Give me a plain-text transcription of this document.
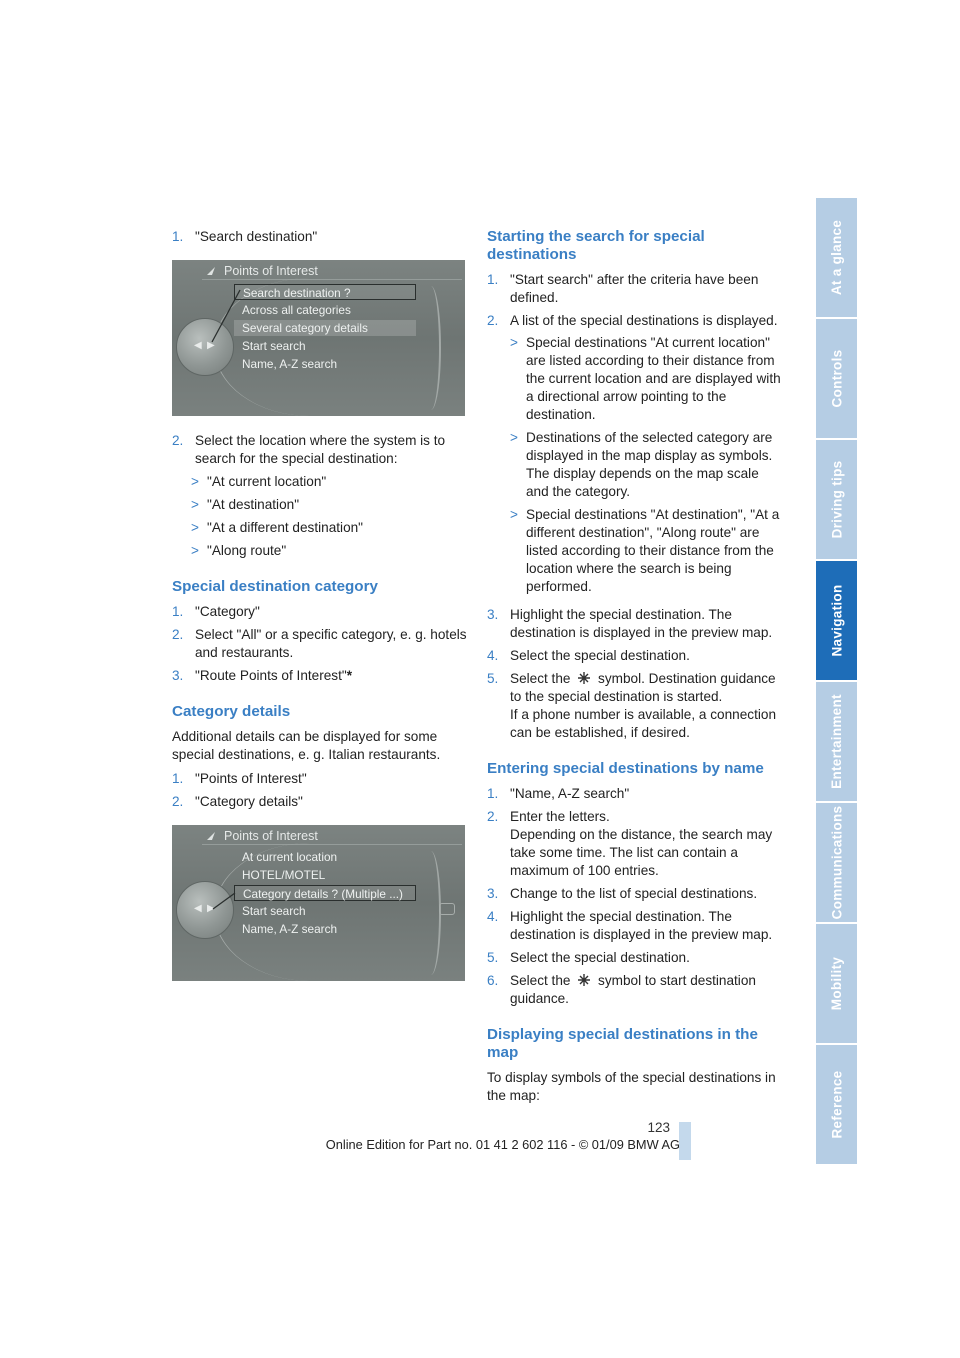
1. "Search destination"
Points of Interest
Search destination ?
Across all categories
Several category details
Start search
Name, A-Z search
◀ ▶
2. Select the location where the system is to search for the special destination:
> "At current location"
> "At destination"
> "At a different destination"
> "Along route"
Special destination category
1. "Category"
2. Select "All" or a specific category, e. g. hotels and restaurants.
3. "Route Points of Interest"*
Category details

Additional details can be displayed for some special destinations, e. g. Italian restaurants.

1. "Points of Interest"
2. "Category details"
Points of Interest
At current location
HOTEL/MOTEL
Category details ? (Multiple ...)
Start search
Name, A-Z search
◀ ▶
Starting the search for special destinations
1. "Start search" after the criteria have been defined.
2. A list of the special destinations is displayed.
> Special destinations "At current location" are listed according to their distance from the current location and are displayed with a directional arrow pointing to the destination.
> Destinations of the selected category are displayed in the map display as symbols. The display depends on the map scale and the category.
> Special destinations "At destination", "At a different destination", "Along route" are listed according to their distance from the location where the search is being performed.
3. Highlight the special destination. The destination is displayed in the preview map.
4. Select the special destination.
5. Select the symbol. Destination guidance to the special destination is started.
If a phone number is available, a connection can be established, if desired.
Entering special destinations by name
1. "Name, A-Z search"
2. Enter the letters.
Depending on the distance, the search may take some time. The list can contain a maximum of 100 entries.
3. Change to the list of special destinations.
4. Highlight the special destination. The destination is displayed in the preview map.
5. Select the special destination.
6. Select the symbol to start destination guidance.
Displaying special destinations in the map

To display symbols of the special destinations in the map:

123
Online Edition for Part no. 01 41 2 602 116 - © 01/09 BMW AG
At a glance
Controls
Driving tips
Navigation
Entertainment
Communications
Mobility
Reference
